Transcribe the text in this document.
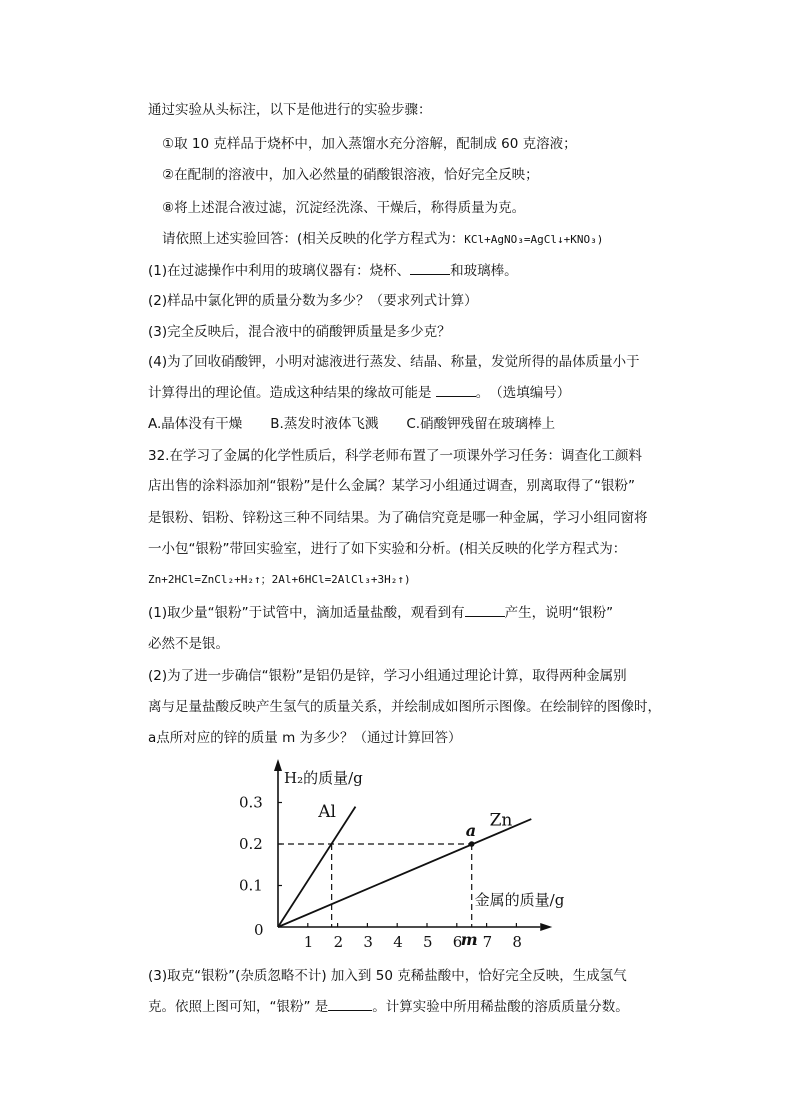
通过实验从头标注，以下是他进行的实验步骤：
①取 10 克样品于烧杯中，加入蒸馏水充分溶解，配制成 60 克溶液；
②在配制的溶液中，加入必然量的硝酸银溶液，恰好完全反映；
⑧将上述混合液过滤，沉淀经洗涤、干燥后，称得质量为克。
请依照上述实验回答：(相关反映的化学方程式为：KCl+AgNO₃=AgCl↓+KNO₃)
(1)在过滤操作中利用的玻璃仪器有：烧杯、	和玻璃棒。
(2)样品中氯化钾的质量分数为多少？（要求列式计算）
(3)完全反映后，混合液中的硝酸钾质量是多少克？
(4)为了回收硝酸钾，小明对滤液进行蒸发、结晶、称量，发觉所得的晶体质量小于
计算得出的理论值。造成这种结果的缘故可能是	。　（选填编号）
A.晶体没有干燥 B.蒸发时液体飞溅 C.硝酸钾残留在玻璃棒上
32.在学习了金属的化学性质后，科学老师布置了一项课外学习任务：调查化工颜料
店出售的涂料添加剂“银粉”是什么金属？某学习小组通过调查，别离取得了“银粉”
是银粉、铝粉、锌粉这三种不同结果。为了确信究竟是哪一种金属，学习小组同窗将
一小包“银粉”带回实验室，进行了如下实验和分析。(相关反映的化学方程式为：
Zn+2HCl=ZnCl₂+H₂↑；2Al+6HCl=2AlCl₃+3H₂↑)
(1)取少量“银粉”于试管中，滴加适量盐酸，观看到有	产生，说明“银粉”
必然不是银。
(2)为了进一步确信“银粉”是铝仍是锌，学习小组通过理论计算，取得两种金属别
离与足量盐酸反映产生氢气的质量关系，并绘制成如图所示图像。在绘制锌的图像时，
a点所对应的锌的质量 m 为多少？（通过计算回答）
0
1 2 3 4 5 6 7 8
0.1
0.2
0.3
H₂的质量/g
金属的质量/g
Al	Zn
a
m
(3)取克“银粉”(杂质忽略不计) 加入到 50 克稀盐酸中，恰好完全反映，生成氢气
克。依照上图可知，“银粉” 是	。计算实验中所用稀盐酸的溶质质量分数。
